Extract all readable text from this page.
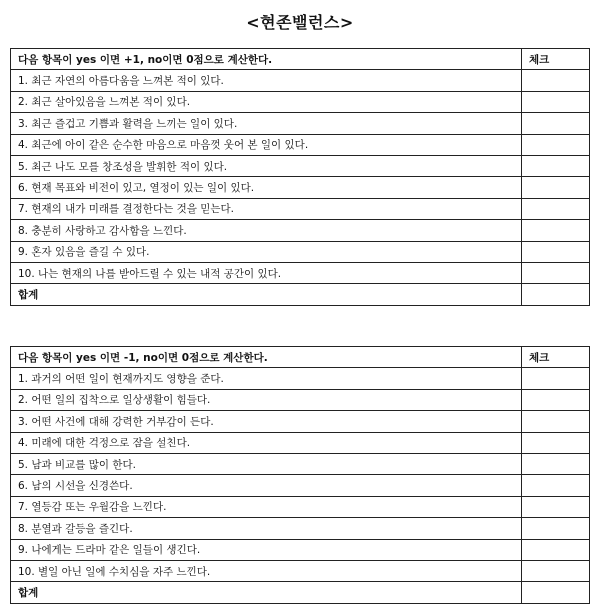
<현존밸런스>
다음 항목이 yes 이면 +1, no이면 0점으로 계산한다.	체크
1. 최근 자연의 아름다움을 느껴본 적이 있다.	
2. 최근 살아있음을 느껴본 적이 있다.	
3. 최근 즐겁고 기쁨과 활력을 느끼는 일이 있다.	
4. 최근에 아이 같은 순수한 마음으로 마음껏 웃어 본 일이 있다.	
5. 최근 나도 모를 창조성을 발휘한 적이 있다.	
6. 현재 목표와 비전이 있고, 열정이 있는 일이 있다.	
7. 현재의 내가 미래를 결정한다는 것을 믿는다.	
8. 충분히 사랑하고 감사함을 느낀다.	
9. 혼자 있음을 즐길 수 있다.	
10. 나는 현재의 나를 받아드릴 수 있는 내적 공간이 있다.	
합계	
다음 항목이 yes 이면 -1, no이면 0점으로 계산한다.	체크
1. 과거의 어떤 일이 현재까지도 영향을 준다.	
2. 어떤 일의 집착으로 일상생활이 힘들다.	
3. 어떤 사건에 대해 강력한 거부감이 든다.	
4. 미래에 대한 걱정으로 잠을 설친다.	
5. 남과 비교를 많이 한다.	
6. 남의 시선을 신경쓴다.	
7. 열등감 또는 우월감을 느낀다.	
8. 분열과 갈등을 즐긴다.	
9. 나에게는 드라마 같은 일들이 생긴다.	
10. 별일 아닌 일에 수치심을 자주 느낀다.	
합계	
